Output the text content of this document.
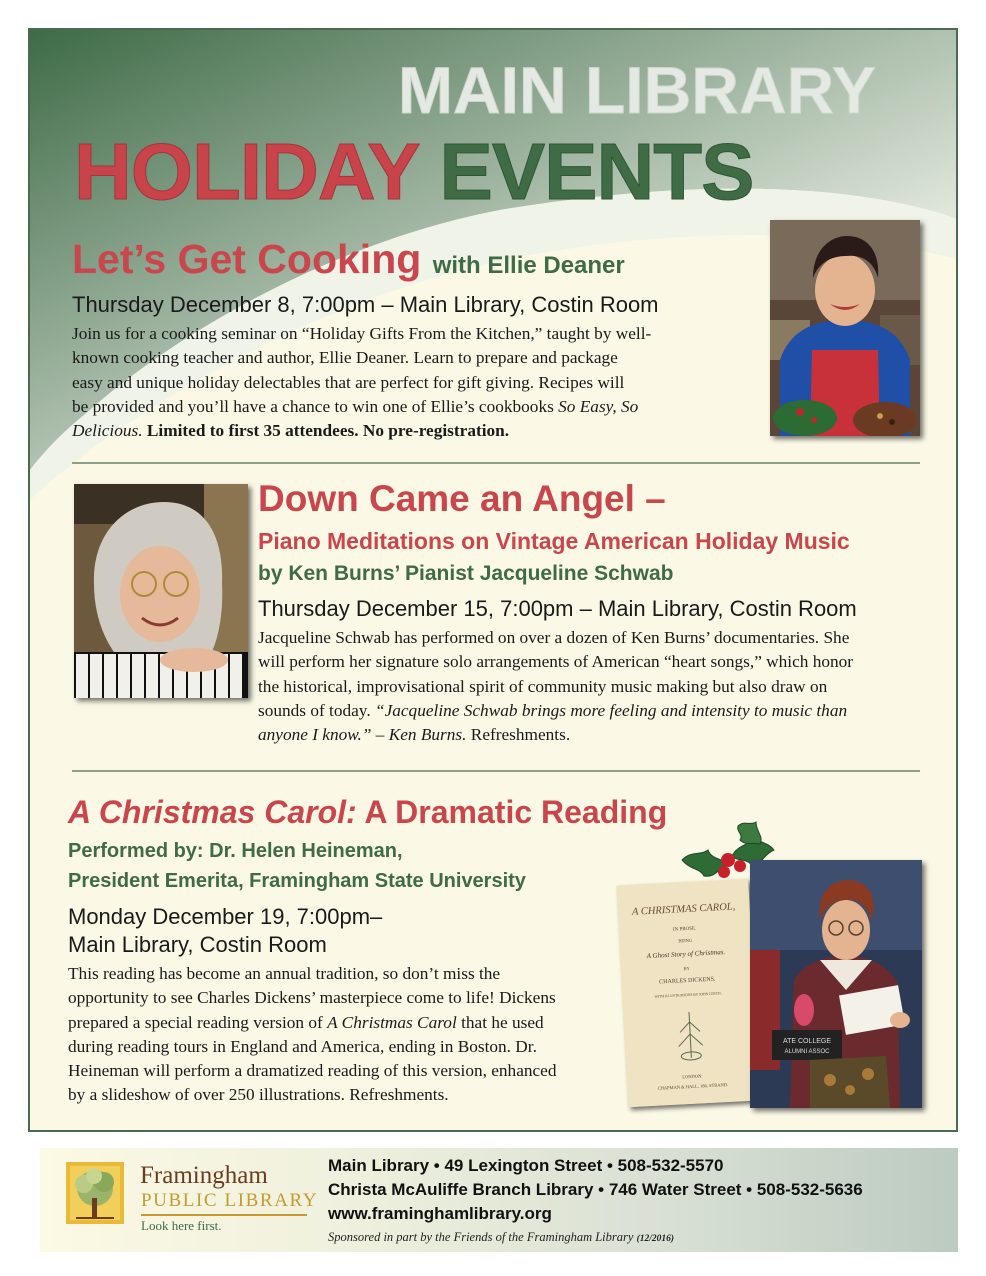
MAIN LIBRARY
HOLIDAY EVENTS
Let’s Get Cooking with Ellie Deaner
Thursday December 8, 7:00pm – Main Library, Costin Room
Join us for a cooking seminar on “Holiday Gifts From the Kitchen,” taught by well-
known cooking teacher and author, Ellie Deaner. Learn to prepare and package
easy and unique holiday delectables that are perfect for gift giving. Recipes will
be provided and you’ll have a chance to win one of Ellie’s cookbooks So Easy, So
Delicious. Limited to first 35 attendees. No pre-registration.
Down Came an Angel –
Piano Meditations on Vintage American Holiday Music
by Ken Burns’ Pianist Jacqueline Schwab
Thursday December 15, 7:00pm – Main Library, Costin Room
Jacqueline Schwab has performed on over a dozen of Ken Burns’ documentaries. She
will perform her signature solo arrangements of American “heart songs,” which honor
the historical, improvisational spirit of community music making but also draw on
sounds of today. “Jacqueline Schwab brings more feeling and intensity to music than
anyone I know.” – Ken Burns. Refreshments.
A Christmas Carol: A Dramatic Reading
Performed by: Dr. Helen Heineman,
President Emerita, Framingham State University
Monday December 19, 7:00pm–
Main Library, Costin Room
This reading has become an annual tradition, so don’t miss the
opportunity to see Charles Dickens’ masterpiece come to life! Dickens
prepared a special reading version of A Christmas Carol that he used
during reading tours in England and America, ending in Boston. Dr.
Heineman will perform a dramatized reading of this version, enhanced
by a slideshow of over 250 illustrations. Refreshments.
A CHRISTMAS CAROL,
IN PROSE.
BEING
A Ghost Story of Christmas.
BY
CHARLES DICKENS.
WITH ILLUSTRATIONS BY JOHN LEECH.
LONDON:
CHAPMAN & HALL, 186, STRAND.
ATE COLLEGE
ALUMNI ASSOC
Framingham
PUBLIC LIBRARY
Look here first.
Main Library • 49 Lexington Street • 508-532-5570
Christa McAuliffe Branch Library • 746 Water Street • 508-532-5636
www.framinghamlibrary.org
Sponsored in part by the Friends of the Framingham Library (12/2016)
